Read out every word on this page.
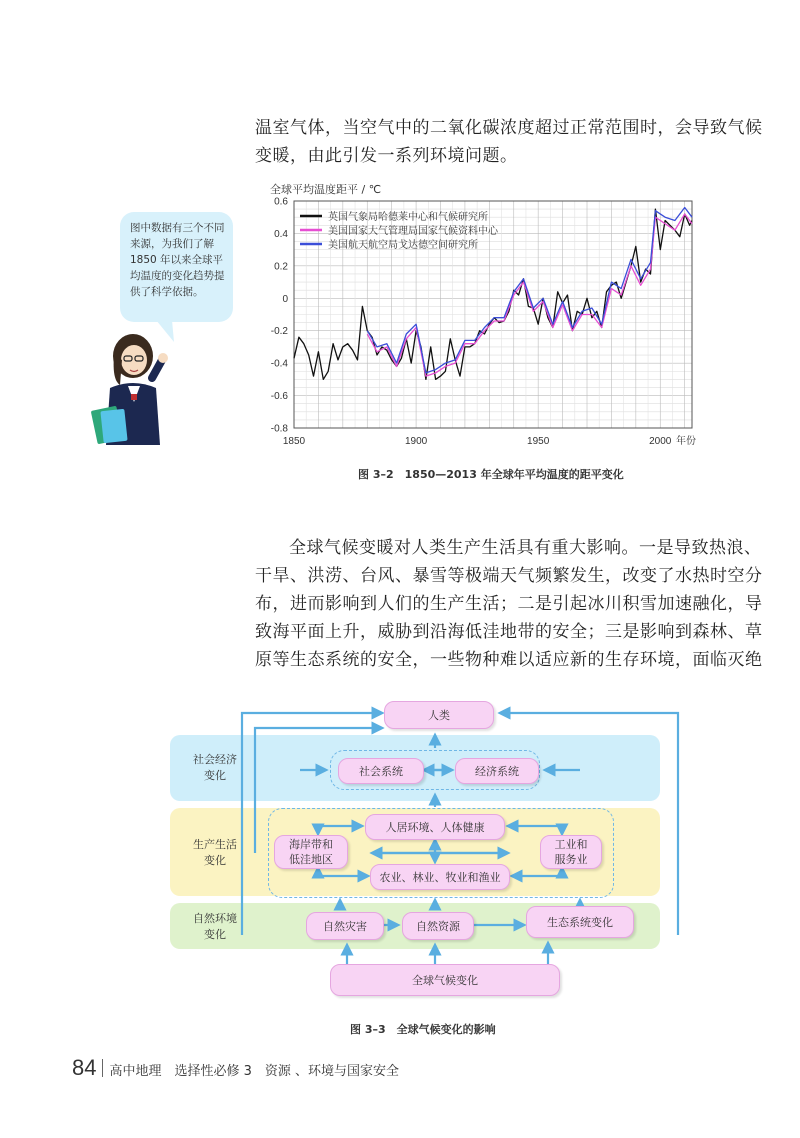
温室气体，当空气中的二氧化碳浓度超过正常范围时，会导致气候
变暖，由此引发一系列环境问题。
图中数据有三个不同来源，为我们了解 1850 年以来全球平均温度的变化趋势提供了科学依据。
全球平均温度距平 / ℃
0.6
0.4
0.2
0
-0.2
-0.4
-0.6
-0.8
1850	1900	1950	2000 年份
英国气象局哈德莱中心和气候研究所
美国国家大气管理局国家气候资料中心
美国航天航空局戈达德空间研究所
图 3–2　1850—2013 年全球年平均温度的距平变化
全球气候变暖对人类生产生活具有重大影响。一是导致热浪、
干旱、洪涝、台风、暴雪等极端天气频繁发生，改变了水热时空分
布，进而影响到人们的生产生活；二是引起冰川积雪加速融化，导
致海平面上升，威胁到沿海低洼地带的安全；三是影响到森林、草
原等生态系统的安全，一些物种难以适应新的生存环境，面临灭绝
社会经济变化
生产生活变化
自然环境变化
人类
社会系统	经济系统
人居环境、人体健康
海岸带和低洼地区
工业和服务业
农业、林业、牧业和渔业
自然灾害	自然资源	生态系统变化
全球气候变化
图 3–3　全球气候变化的影响
84 高中地理　选择性必修 3　资源 、环境与国家安全
